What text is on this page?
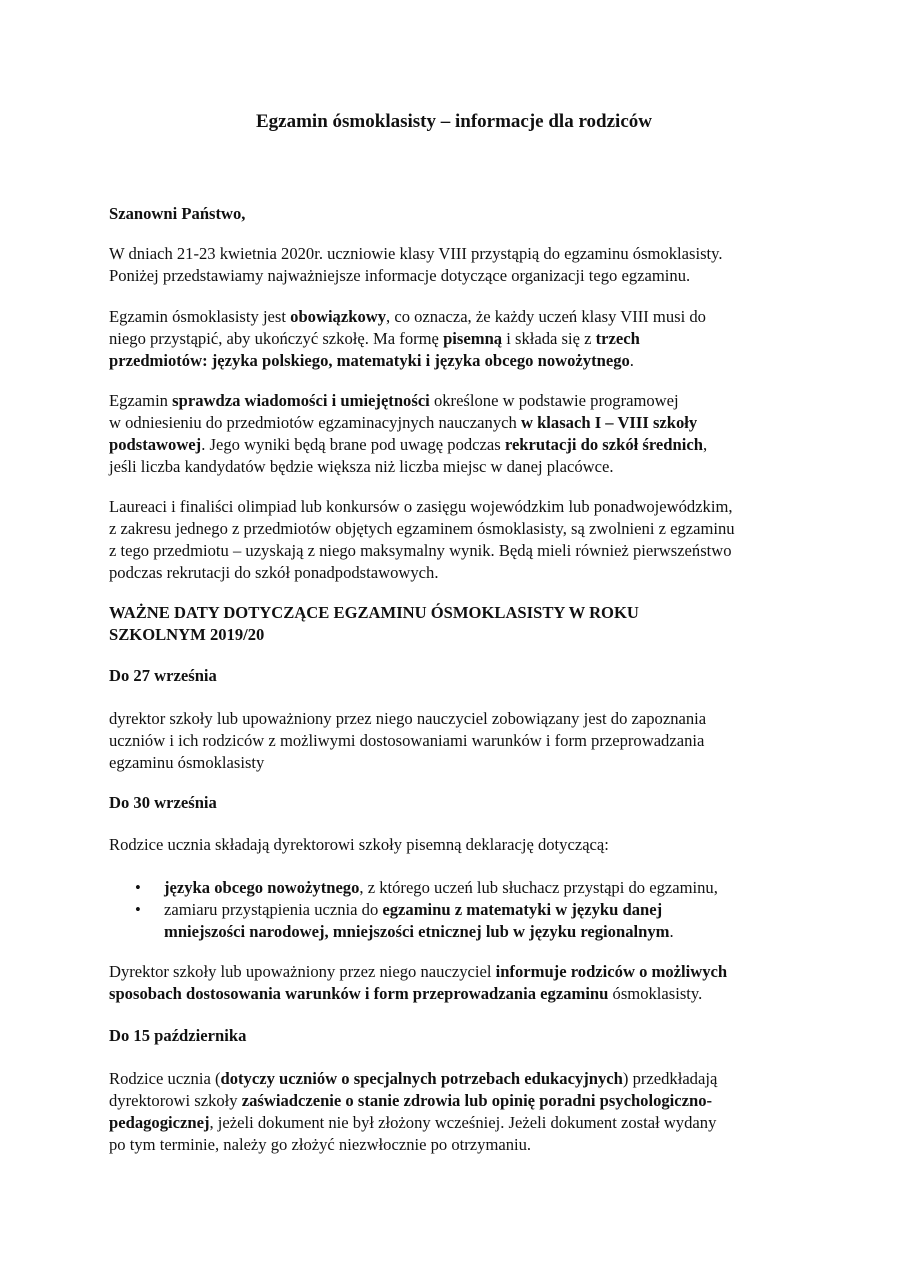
Egzamin ósmoklasisty – informacje dla rodziców

Szanowni Państwo,

W dniach 21-23 kwietnia 2020r. uczniowie klasy VIII przystąpią do egzaminu ósmoklasisty.
Poniżej przedstawiamy najważniejsze informacje dotyczące organizacji tego egzaminu.

Egzamin ósmoklasisty jest obowiązkowy, co oznacza, że każdy uczeń klasy VIII musi do
niego przystąpić, aby ukończyć szkołę. Ma formę pisemną i składa się z trzech
przedmiotów: języka polskiego, matematyki i języka obcego nowożytnego.

Egzamin sprawdza wiadomości i umiejętności określone w podstawie programowej
w odniesieniu do przedmiotów egzaminacyjnych nauczanych w klasach I – VIII szkoły
podstawowej. Jego wyniki będą brane pod uwagę podczas rekrutacji do szkół średnich,
jeśli liczba kandydatów będzie większa niż liczba miejsc w danej placówce.

Laureaci i finaliści olimpiad lub konkursów o zasięgu wojewódzkim lub ponadwojewódzkim,
z zakresu jednego z przedmiotów objętych egzaminem ósmoklasisty, są zwolnieni z egzaminu
z tego przedmiotu – uzyskają z niego maksymalny wynik. Będą mieli również pierwszeństwo
podczas rekrutacji do szkół ponadpodstawowych.

WAŻNE DATY DOTYCZĄCE EGZAMINU ÓSMOKLASISTY W ROKU
SZKOLNYM 2019/20

Do 27 września

dyrektor szkoły lub upoważniony przez niego nauczyciel zobowiązany jest do zapoznania
uczniów i ich rodziców z możliwymi dostosowaniami warunków i form przeprowadzania
egzaminu ósmoklasisty

Do 30 września

Rodzice ucznia składają dyrektorowi szkoły pisemną deklarację dotyczącą:

• języka obcego nowożytnego, z którego uczeń lub słuchacz przystąpi do egzaminu,
• zamiaru przystąpienia ucznia do egzaminu z matematyki w języku danej
mniejszości narodowej, mniejszości etnicznej lub w języku regionalnym.

Dyrektor szkoły lub upoważniony przez niego nauczyciel informuje rodziców o możliwych
sposobach dostosowania warunków i form przeprowadzania egzaminu ósmoklasisty.

Do 15 października

Rodzice ucznia (dotyczy uczniów o specjalnych potrzebach edukacyjnych) przedkładają
dyrektorowi szkoły zaświadczenie o stanie zdrowia lub opinię poradni psychologiczno-
pedagogicznej, jeżeli dokument nie był złożony wcześniej. Jeżeli dokument został wydany
po tym terminie, należy go złożyć niezwłocznie po otrzymaniu.
